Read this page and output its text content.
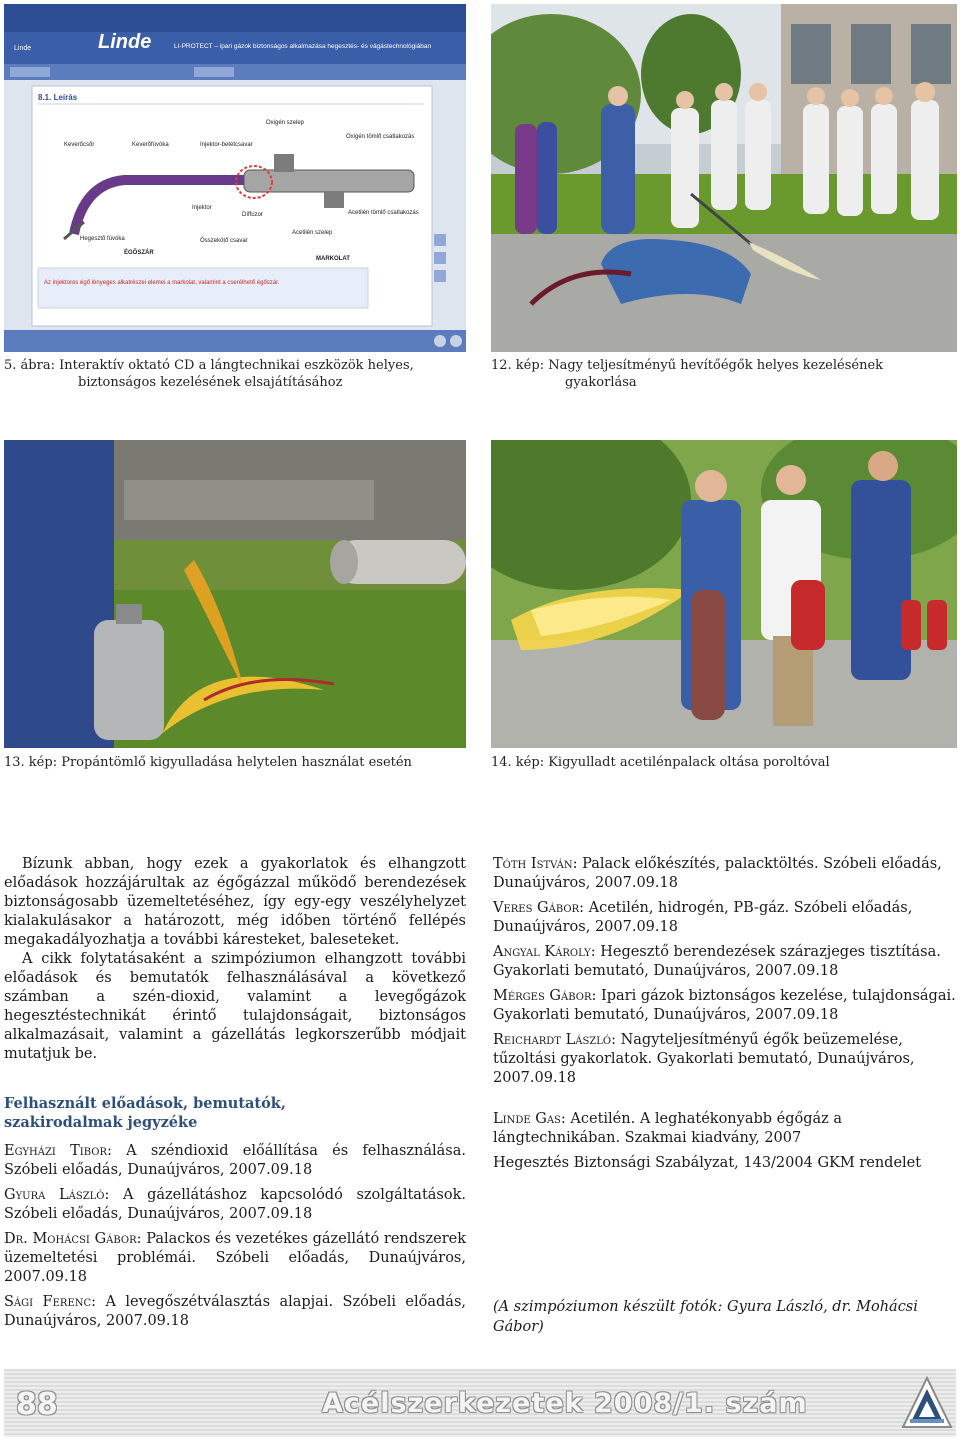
Linde	Linde	LI-PROTECT – ipari gázok biztonságos alkalmazása hegesztés- és vágástechnológiában
8.1. Leírás
Keverőcsőr	Keverőfúvóka	Injektor-betétcsavar
Oxigén szelep
Oxigén tömlő csatlakozás
Hegesztő fúvóka
Injektor
Díffúzor	Acetilén tömlő csatlakozás
Acetilén szelep
Összekötő csavar
ÉGŐSZÁR
MARKOLAT
Az injektoros égő lényeges alkatrészei elemei a markolat, valamint a cserélhető égőszár.
5. ábra: Interaktív oktató CD a lángtechnikai eszközök helyes,
biztonságos kezelésének elsajátításához
12. kép: Nagy teljesítményű hevítőégők helyes kezelésének
gyakorlása
13. kép: Propántömlő kigyulladása helytelen használat esetén	14. kép: Kigyulladt acetilénpalack oltása poroltóval

Bízunk abban, hogy ezek a gyakorlatok és elhangzott előadások hozzájárultak az égőgázzal működő berendezések biztonságosabb üzemeltetéséhez, így egy-egy veszélyhelyzet kialakulásakor a határozott, még időben történő fellépés megakadályozhatja a további káresteket, baleseteket.

A cikk folytatásaként a szimpóziumon elhangzott további előadások és bemutatók felhasználásával a következő számban a szén-dioxid, valamint a levegőgázok hegesztéstechnikát érintő tulajdonságait, biztonságos alkalmazásait, valamint a gázellátás legkorszerűbb módjait mutatjuk be.

Felhasznált előadások, bemutatók,
szakirodalmak jegyzéke

Egyházi Tibor: A széndioxid előállítása és felhasználása. Szóbeli előadás, Dunaújváros, 2007.09.18

Gyura László: A gázellátáshoz kapcsolódó szolgáltatások. Szóbeli előadás, Dunaújváros, 2007.09.18

Dr. Mohácsi Gábor: Palackos és vezetékes gázellátó rendszerek üzemeltetési problémái. Szóbeli előadás, Dunaújváros, 2007.09.18

Sági Ferenc: A levegőszétválasztás alapjai. Szóbeli előadás, Dunaújváros, 2007.09.18

Tóth István: Palack előkészítés, palacktöltés. Szóbeli előadás, Dunaújváros, 2007.09.18

Veres Gábor: Acetilén, hidrogén, PB-gáz. Szóbeli előadás, Dunaújváros, 2007.09.18

Angyal Károly: Hegesztő berendezések szárazjeges tisztítása. Gyakorlati bemutató, Dunaújváros, 2007.09.18

Mérges Gábor: Ipari gázok biztonságos kezelése, tulajdonságai. Gyakorlati bemutató, Dunaújváros, 2007.09.18

Reichardt László: Nagyteljesítményű égők beüzemelése, tűzoltási gyakorlatok. Gyakorlati bemutató, Dunaújváros, 2007.09.18

Linde Gas: Acetilén. A leghatékonyabb égőgáz a lángtechnikában. Szakmai kiadvány, 2007

Hegesztés Biztonsági Szabályzat, 143/2004 GKM rendelet

(A szimpóziumon készült fotók: Gyura László, dr. Mohácsi Gábor)

88	Acélszerkezetek 2008/1. szám
